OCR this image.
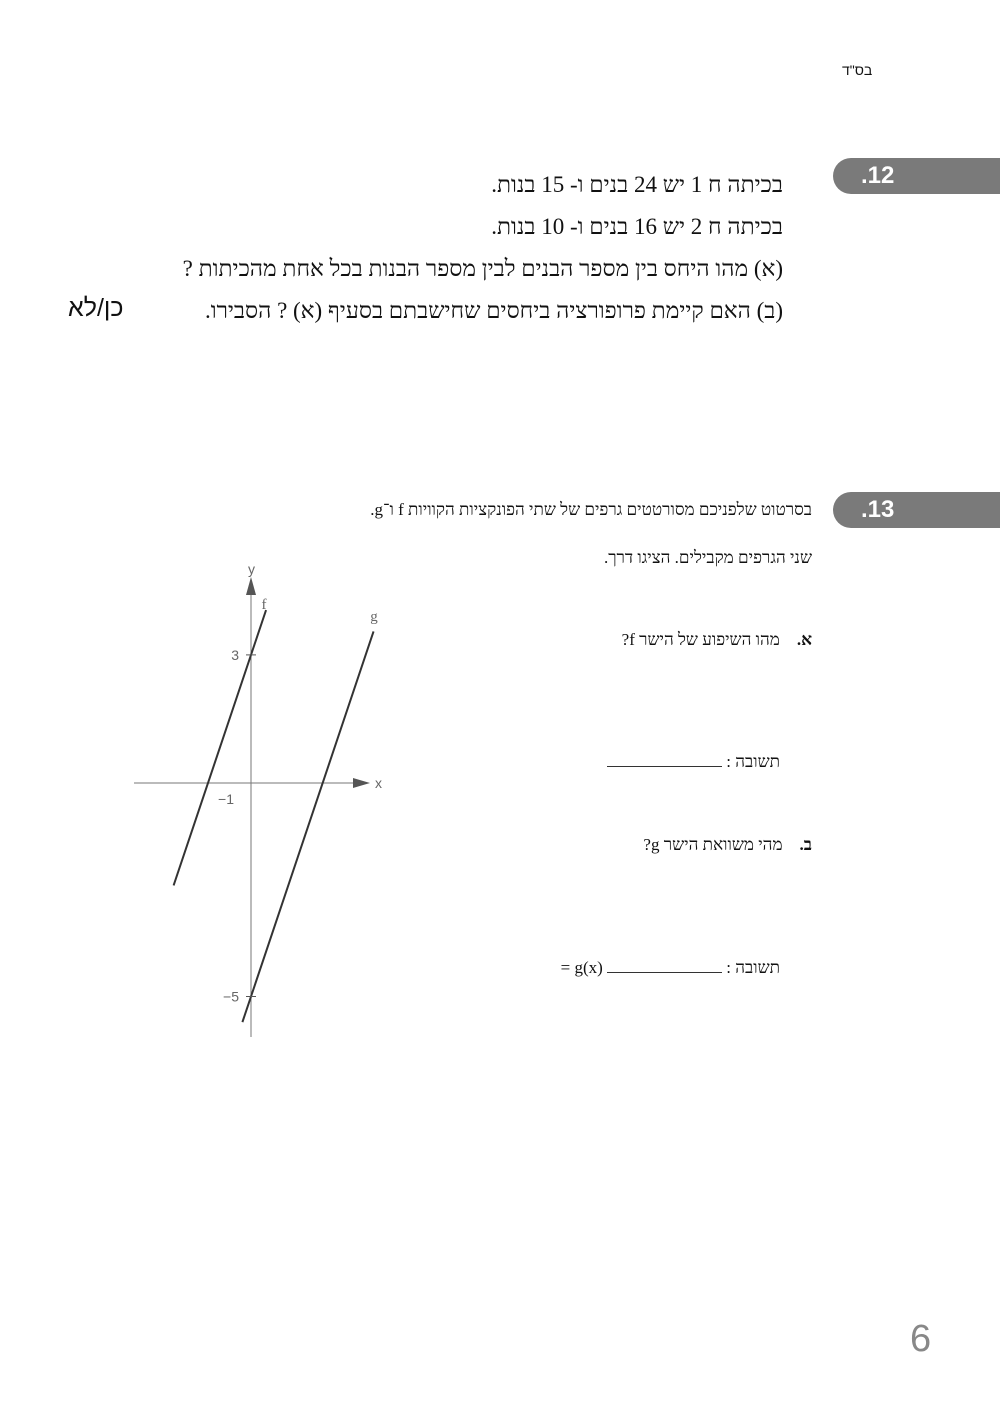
בס"ד
.12
בכיתה ח 1 יש 24 בנים ו- 15 בנות.
בכיתה ח 2 יש 16 בנים ו- 10 בנות.
(א) מהו היחס בין מספר הבנים לבין מספר הבנות בכל אחת מהכיתות ?
(ב) האם קיימת פרופורציה ביחסים שחישבתם בסעיף (א) ? הסבירו.
כן/לא
.13
בסרטוט שלפניכם מסורטטים גרפים של שתי הפונקציות הקוויות f ו־g.
שני הגרפים מקבילים. הציגו דרך.
א.    מהו השיפוע של הישר f?
תשובה :
ב.    מהי משוואת הישר g?
תשובה :  g(x) =
y
x
f
g
3
−5
−1
6
